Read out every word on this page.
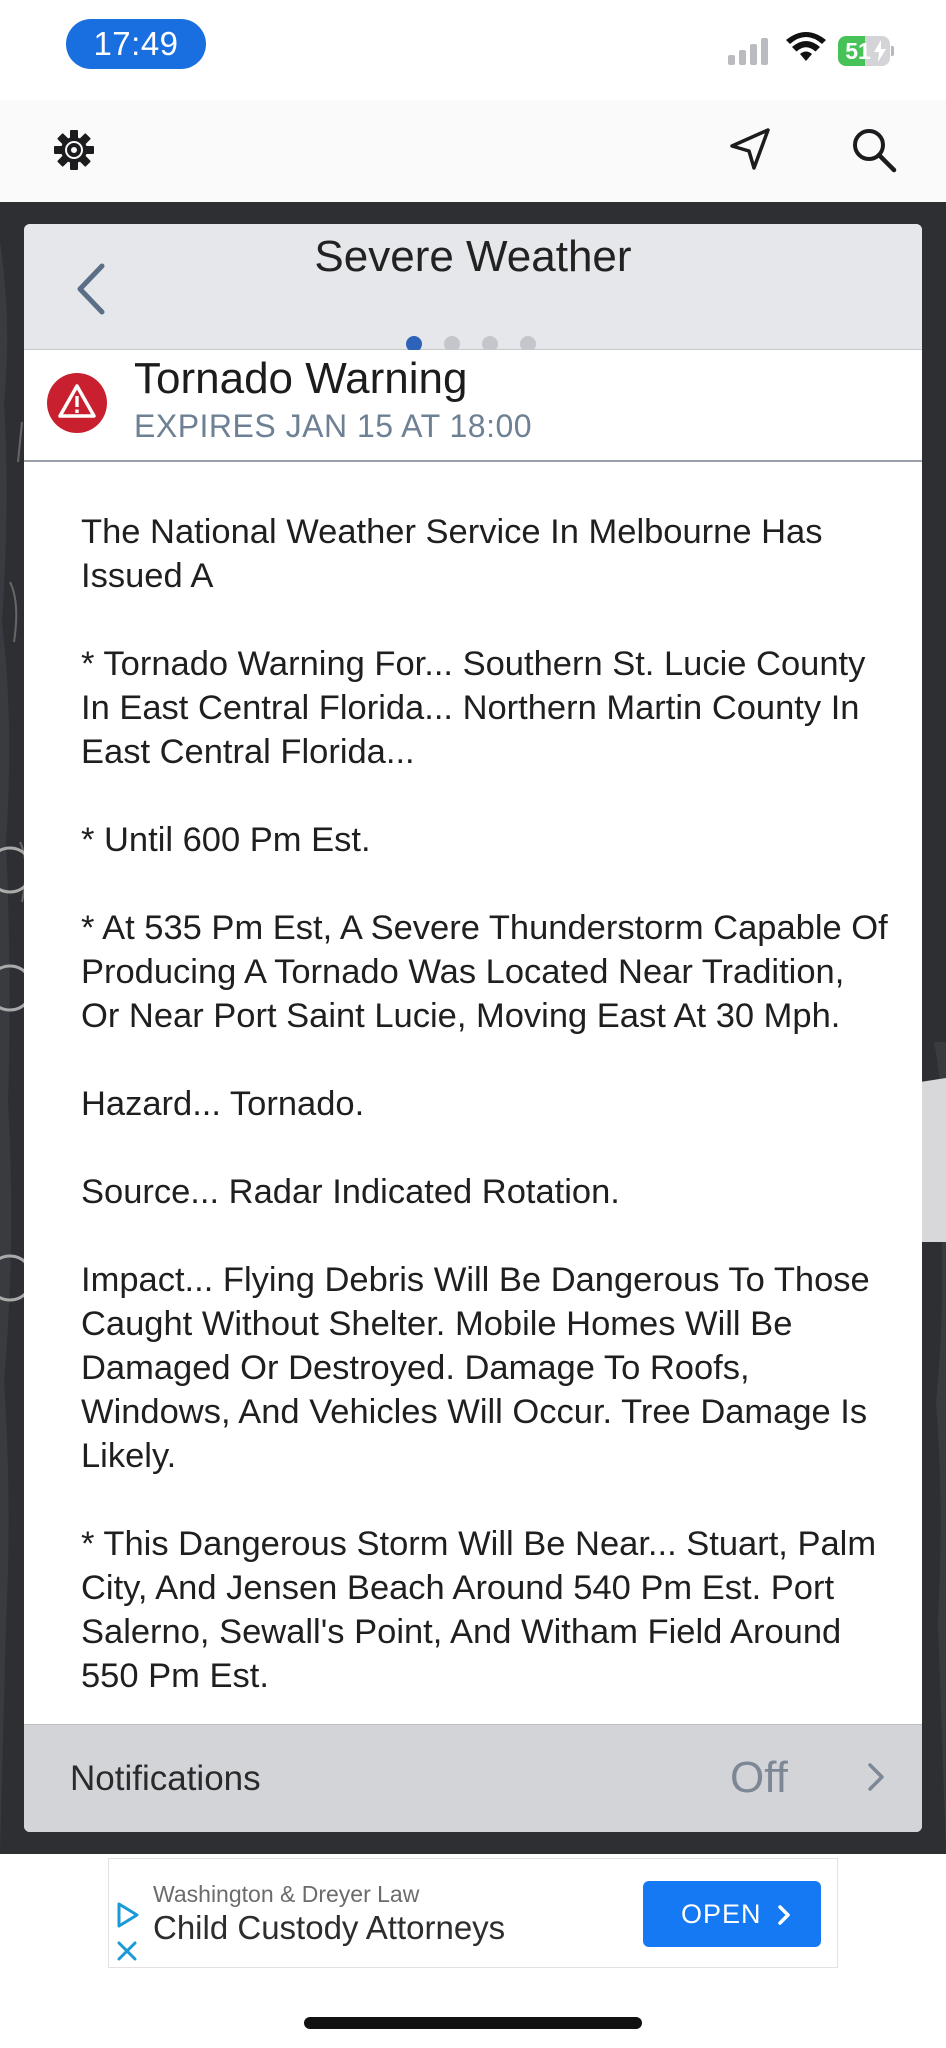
17:49	51
Severe Weather
Tornado Warning
EXPIRES JAN 15 AT 18:00

The National Weather Service In Melbourne Has Issued A

* Tornado Warning For... Southern St. Lucie County In East Central Florida... Northern Martin County In East Central Florida...

* Until 600 Pm Est.

* At 535 Pm Est, A Severe Thunderstorm Capable Of Producing A Tornado Was Located Near Tradition, Or Near Port Saint Lucie, Moving East At 30 Mph.

Hazard... Tornado.

Source... Radar Indicated Rotation.

Impact... Flying Debris Will Be Dangerous To Those Caught Without Shelter. Mobile Homes Will Be Damaged Or Destroyed. Damage To Roofs, Windows, And Vehicles Will Occur. Tree Damage Is Likely.

* This Dangerous Storm Will Be Near... Stuart, Palm City, And Jensen Beach Around 540 Pm Est. Port Salerno, Sewall's Point, And Witham Field Around 550 Pm Est.

Notifications	Off
Washington & Dreyer Law
Child Custody Attorneys	OPEN
